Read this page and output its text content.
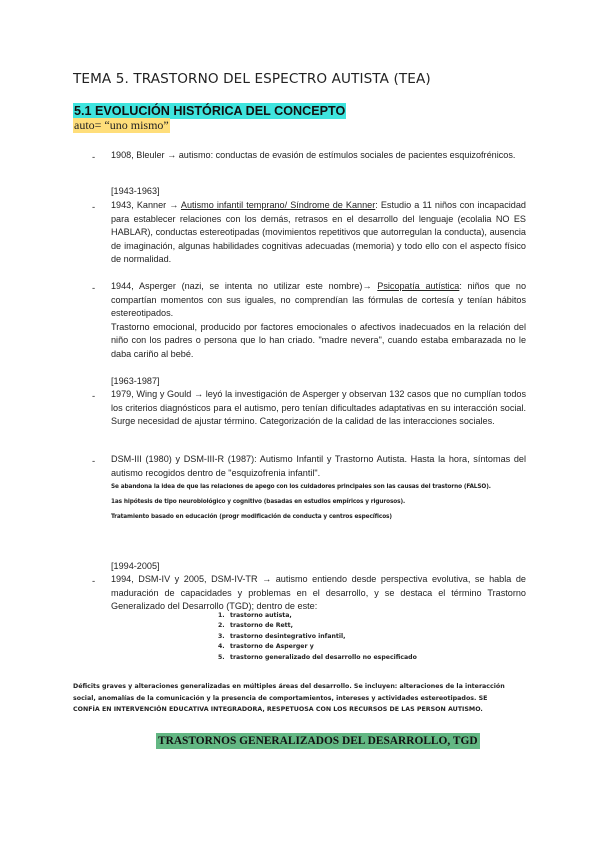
TEMA 5. TRASTORNO DEL ESPECTRO AUTISTA (TEA)
5.1 EVOLUCIÓN HISTÓRICA DEL CONCEPTO
auto= “uno mismo”
- 1908, Bleuler → autismo: conductas de evasión de estímulos sociales de pacientes esquizofrénicos.
[1943-1963]
- 1943, Kanner → Autismo infantil temprano/ Síndrome de Kanner: Estudio a 11 niños con incapacidad para establecer relaciones con los demás, retrasos en el desarrollo del lenguaje (ecolalia NO ES HABLAR), conductas estereotipadas (movimientos repetitivos que autorregulan la conducta), ausencia de imaginación, algunas habilidades cognitivas adecuadas (memoria) y todo ello con el aspecto físico de normalidad.
- 1944, Asperger (nazi, se intenta no utilizar este nombre)→ Psicopatía autística: niños que no compartían momentos con sus iguales, no comprendían las fórmulas de cortesía y tenían hábitos estereotipados.
Trastorno emocional, producido por factores emocionales o afectivos inadecuados en la relación del niño con los padres o persona que lo han criado. "madre nevera", cuando estaba embarazada no le daba cariño al bebé.
[1963-1987]
- 1979, Wing y Gould → leyó la investigación de Asperger y observan 132 casos que no cumplían todos los criterios diagnósticos para el autismo, pero tenían dificultades adaptativas en su interacción social. Surge necesidad de ajustar término. Categorización de la calidad de las interacciones sociales.
- DSM-III (1980) y DSM-III-R (1987): Autismo Infantil y Trastorno Autista. Hasta la hora, síntomas del autismo recogidos dentro de "esquizofrenia infantil".
Se abandona la idea de que las relaciones de apego con los cuidadores principales son las causas del trastorno (FALSO).
1as hipótesis de tipo neurobiológico y cognitivo (basadas en estudios empíricos y rigurosos).
Tratamiento basado en educación (progr modificación de conducta y centros específicos)
[1994-2005]
- 1994, DSM-IV y 2005, DSM-IV-TR → autismo entiendo desde perspectiva evolutiva, se habla de maduración de capacidades y problemas en el desarrollo, y se destaca el término Trastorno Generalizado del Desarrollo (TGD); dentro de este:
1. trastorno autista,
2. trastorno de Rett,
3. trastorno desintegrativo infantil,
4. trastorno de Asperger y
5. trastorno generalizado del desarrollo no especificado
Déficits graves y alteraciones generalizadas en múltiples áreas del desarrollo. Se incluyen: alteraciones de la interacción social, anomalías de la comunicación y la presencia de comportamientos, intereses y actividades estereotipados. SE CONFÍA EN INTERVENCIÓN EDUCATIVA INTEGRADORA, RESPETUOSA CON LOS RECURSOS DE LAS PERSON AUTISMO.
TRASTORNOS GENERALIZADOS DEL DESARROLLO, TGD
